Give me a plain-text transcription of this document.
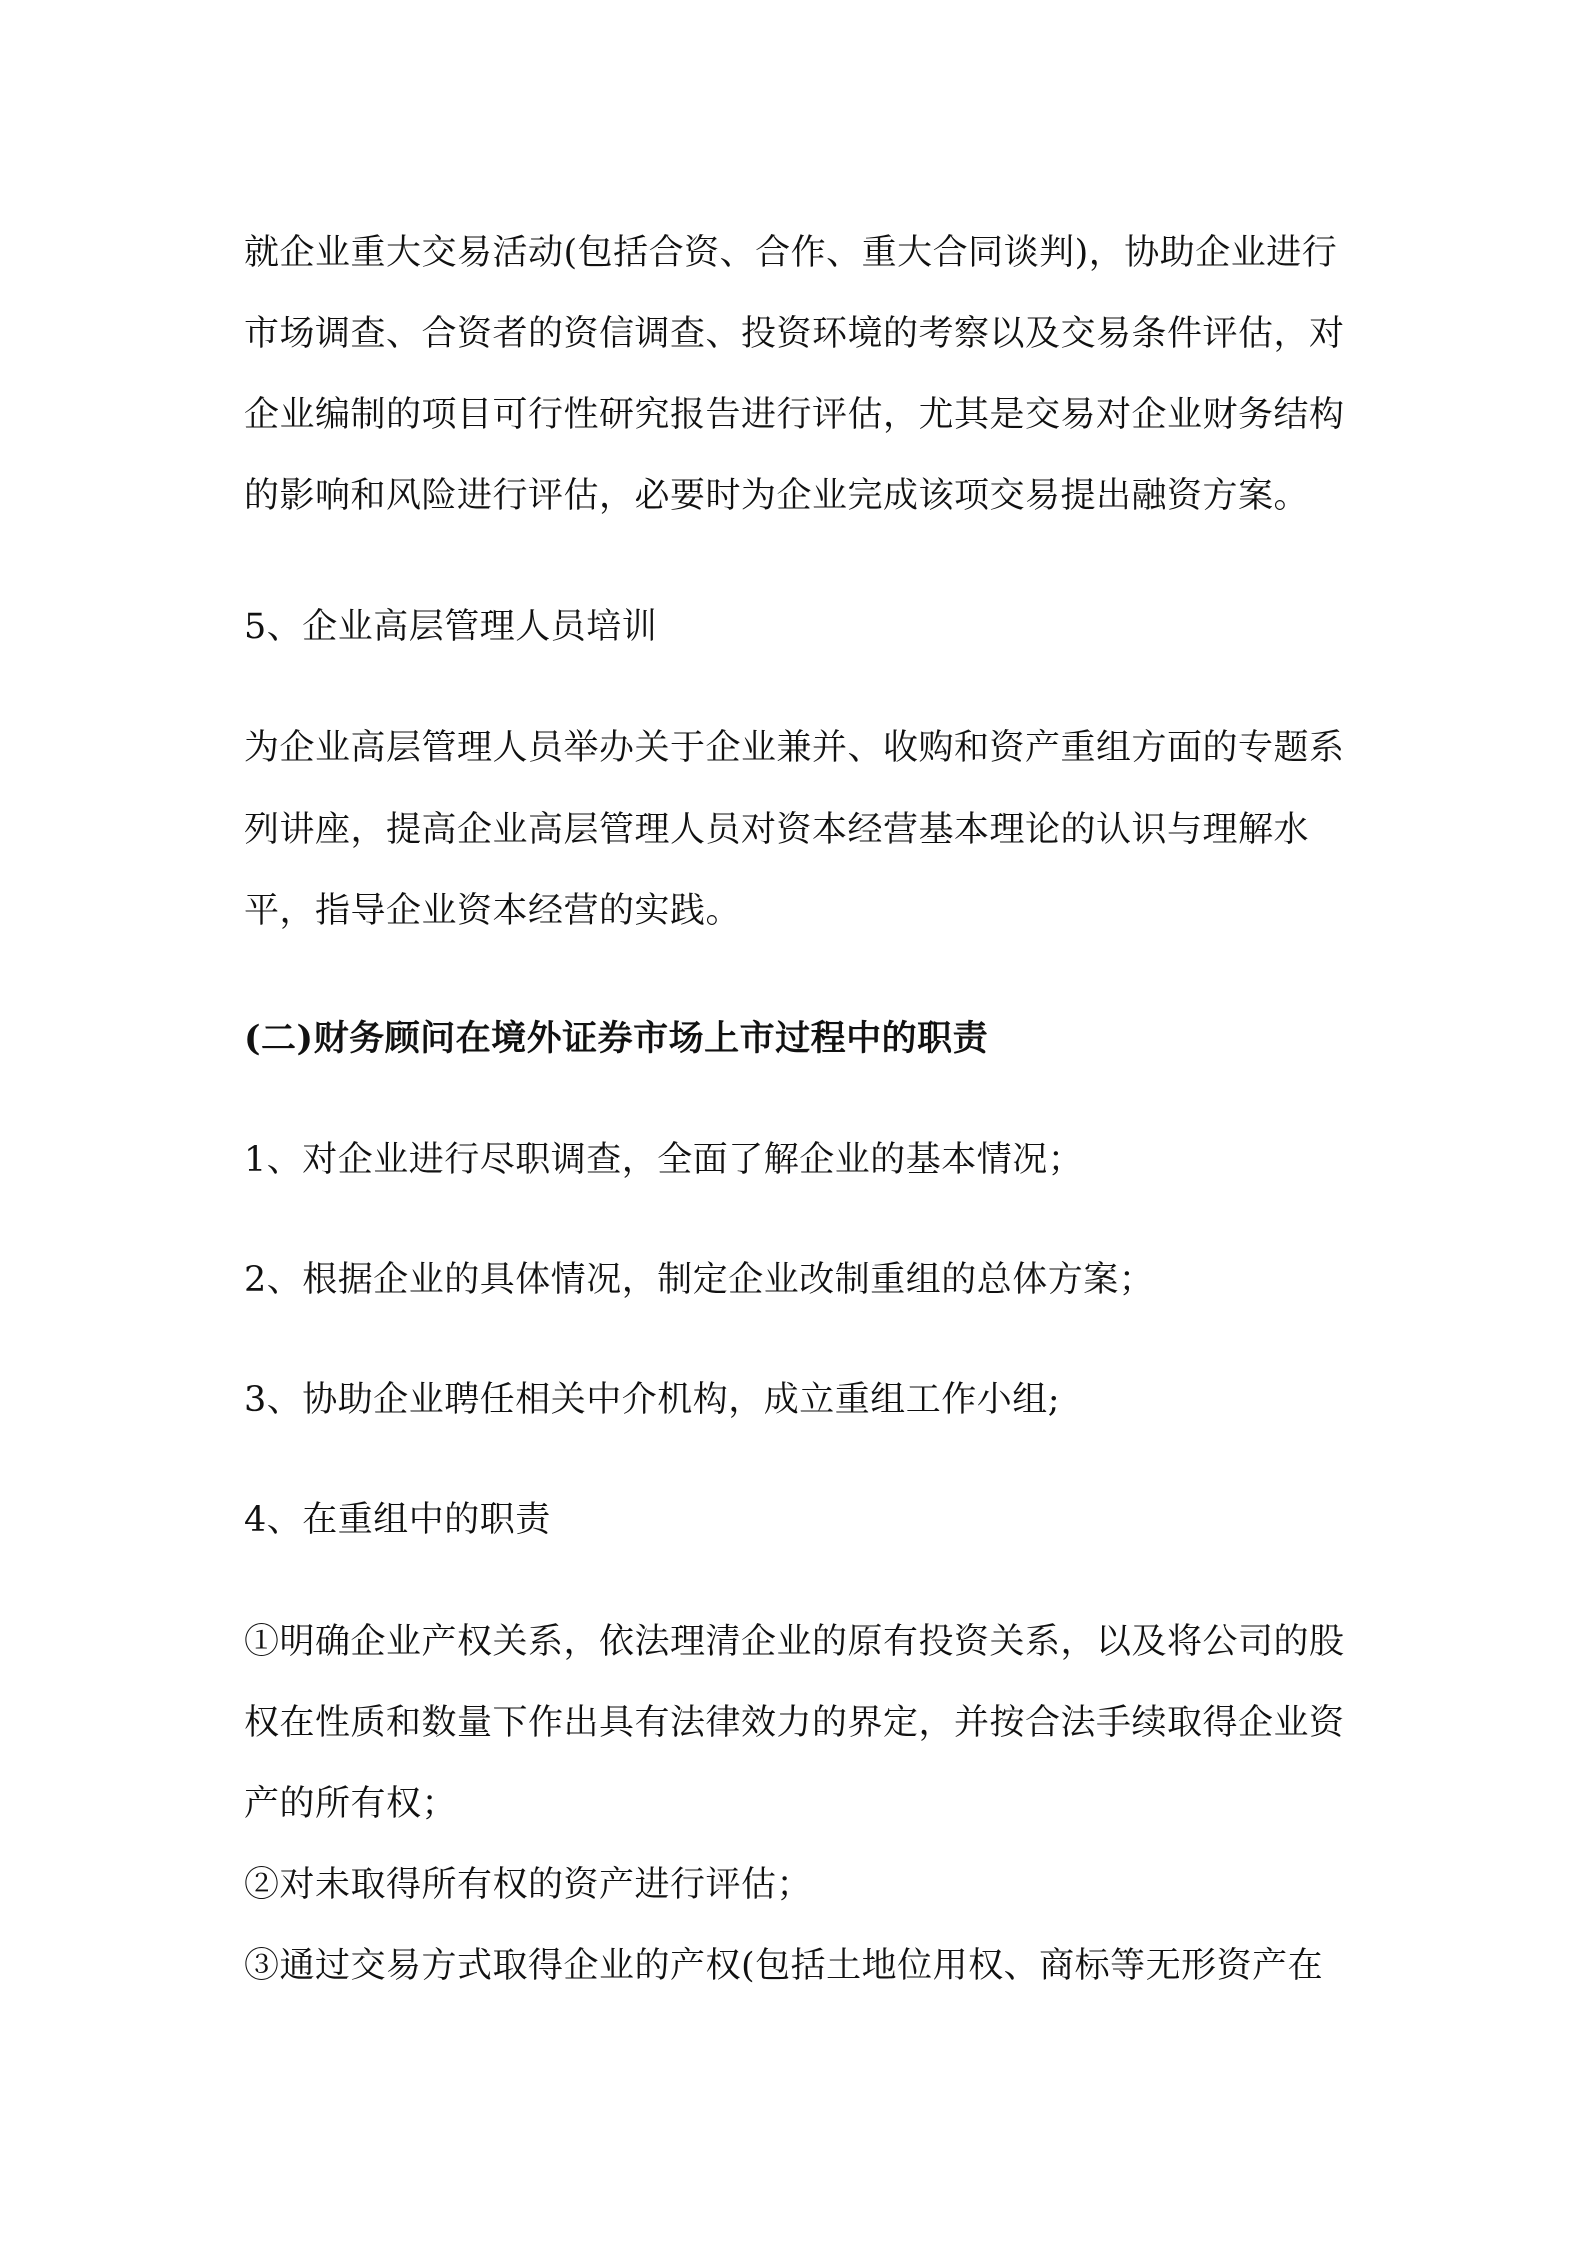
就企业重大交易活动(包括合资、合作、重大合同谈判)，协助企业进行
市场调查、合资者的资信调查、投资环境的考察以及交易条件评估，对
企业编制的项目可行性研究报告进行评估，尤其是交易对企业财务结构
的影响和风险进行评估，必要时为企业完成该项交易提出融资方案。
5、企业高层管理人员培训
为企业高层管理人员举办关于企业兼并、收购和资产重组方面的专题系
列讲座，提高企业高层管理人员对资本经营基本理论的认识与理解水
平，指导企业资本经营的实践。
(二)财务顾问在境外证券市场上市过程中的职责
1、对企业进行尽职调查，全面了解企业的基本情况；
2、根据企业的具体情况，制定企业改制重组的总体方案；
3、协助企业聘任相关中介机构，成立重组工作小组;
4、在重组中的职责
①明确企业产权关系，依法理清企业的原有投资关系，以及将公司的股
权在性质和数量下作出具有法律效力的界定，并按合法手续取得企业资
产的所有权；
②对未取得所有权的资产进行评估；
③通过交易方式取得企业的产权(包括土地位用权、商标等无形资产在
